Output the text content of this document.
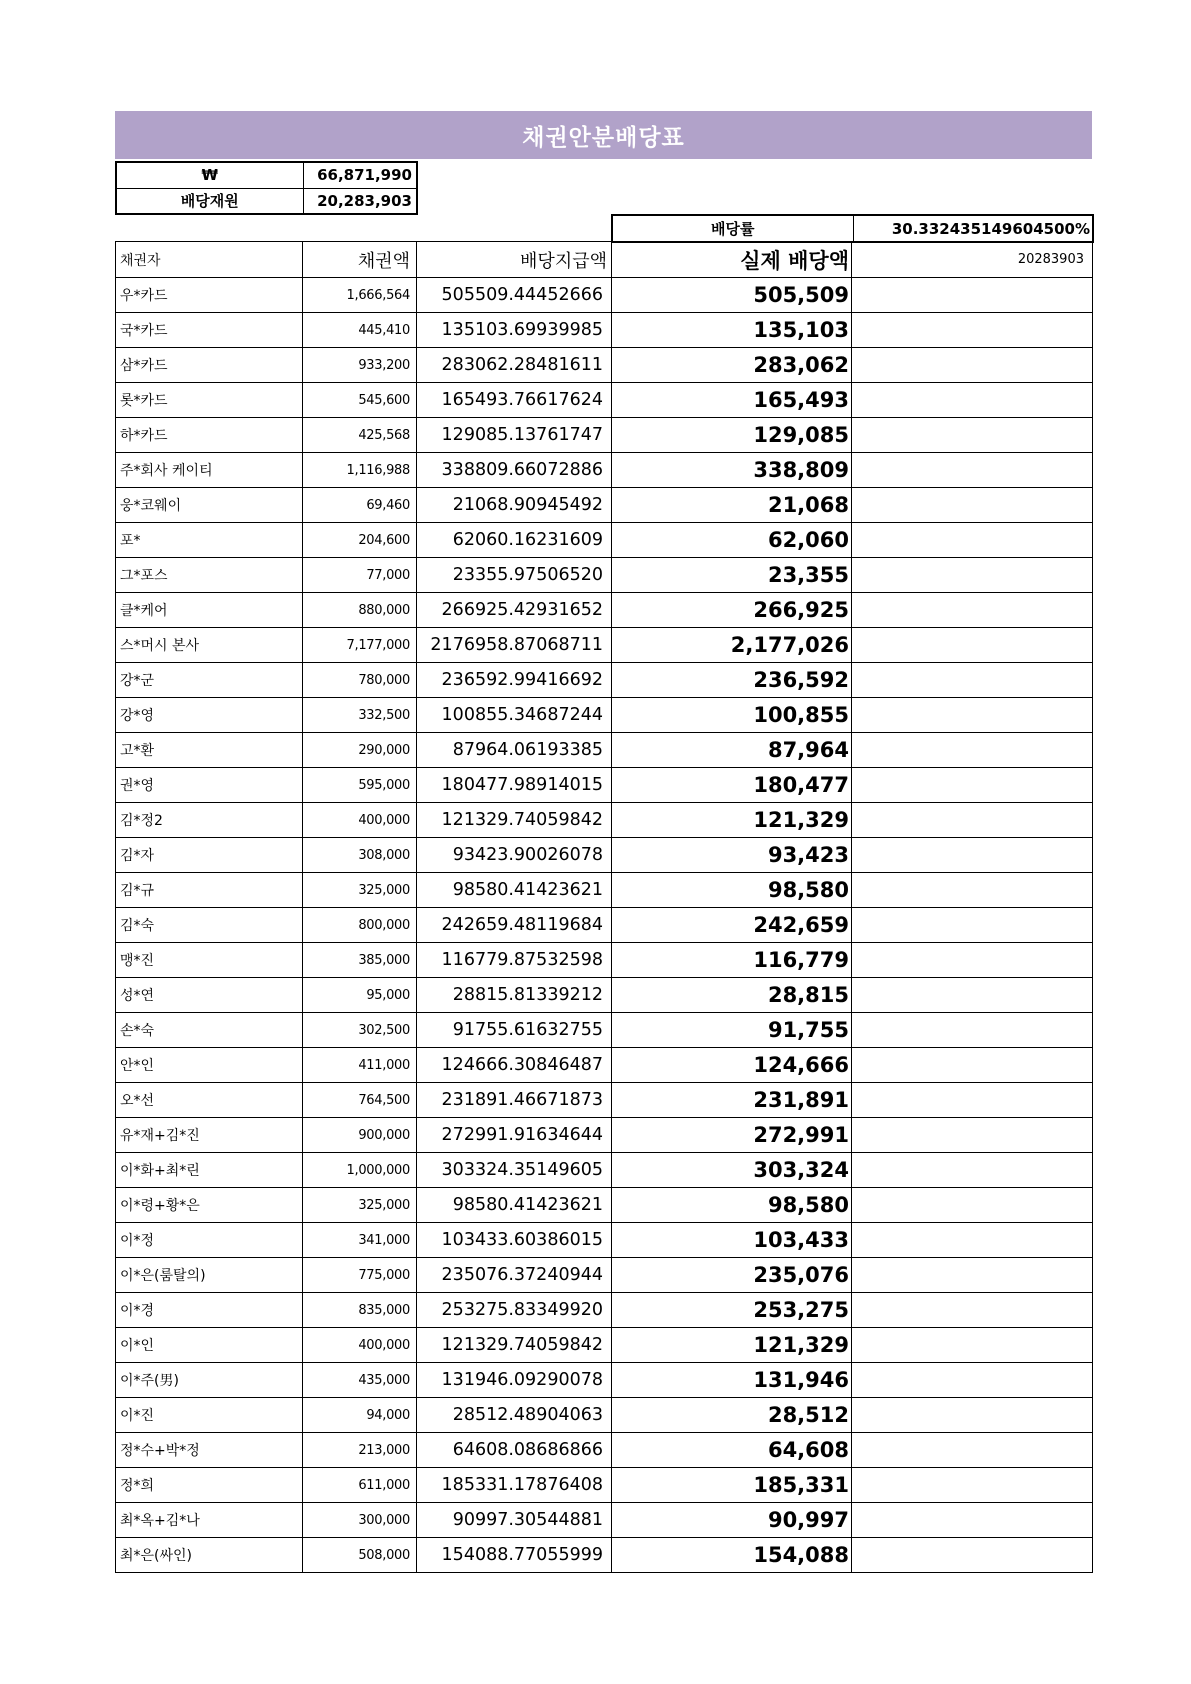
채권안분배당표
₩	66,871,990
배당재원	20,283,903
배당률	30.332435149604500%
채권자	채권액	배당지급액	실제 배당액	20283903
우*카드	1,666,564	505509.44452666	505,509	
국*카드	445,410	135103.69939985	135,103	
삼*카드	933,200	283062.28481611	283,062	
롯*카드	545,600	165493.76617624	165,493	
하*카드	425,568	129085.13761747	129,085	
주*회사 케이티	1,116,988	338809.66072886	338,809	
웅*코웨이	69,460	21068.90945492	21,068	
포*	204,600	62060.16231609	62,060	
그*포스	77,000	23355.97506520	23,355	
클*케어	880,000	266925.42931652	266,925	
스*머시 본사	7,177,000	2176958.87068711	2,177,026	
강*군	780,000	236592.99416692	236,592	
강*영	332,500	100855.34687244	100,855	
고*환	290,000	87964.06193385	87,964	
권*영	595,000	180477.98914015	180,477	
김*정2	400,000	121329.74059842	121,329	
김*자	308,000	93423.90026078	93,423	
김*규	325,000	98580.41423621	98,580	
김*숙	800,000	242659.48119684	242,659	
맹*진	385,000	116779.87532598	116,779	
성*연	95,000	28815.81339212	28,815	
손*숙	302,500	91755.61632755	91,755	
안*인	411,000	124666.30846487	124,666	
오*선	764,500	231891.46671873	231,891	
유*재+김*진	900,000	272991.91634644	272,991	
이*화+최*린	1,000,000	303324.35149605	303,324	
이*령+황*은	325,000	98580.41423621	98,580	
이*정	341,000	103433.60386015	103,433	
이*은(룸탈의)	775,000	235076.37240944	235,076	
이*경	835,000	253275.83349920	253,275	
이*인	400,000	121329.74059842	121,329	
이*주(男)	435,000	131946.09290078	131,946	
이*진	94,000	28512.48904063	28,512	
정*수+박*정	213,000	64608.08686866	64,608	
정*희	611,000	185331.17876408	185,331	
최*옥+김*나	300,000	90997.30544881	90,997	
최*은(싸인)	508,000	154088.77055999	154,088	
